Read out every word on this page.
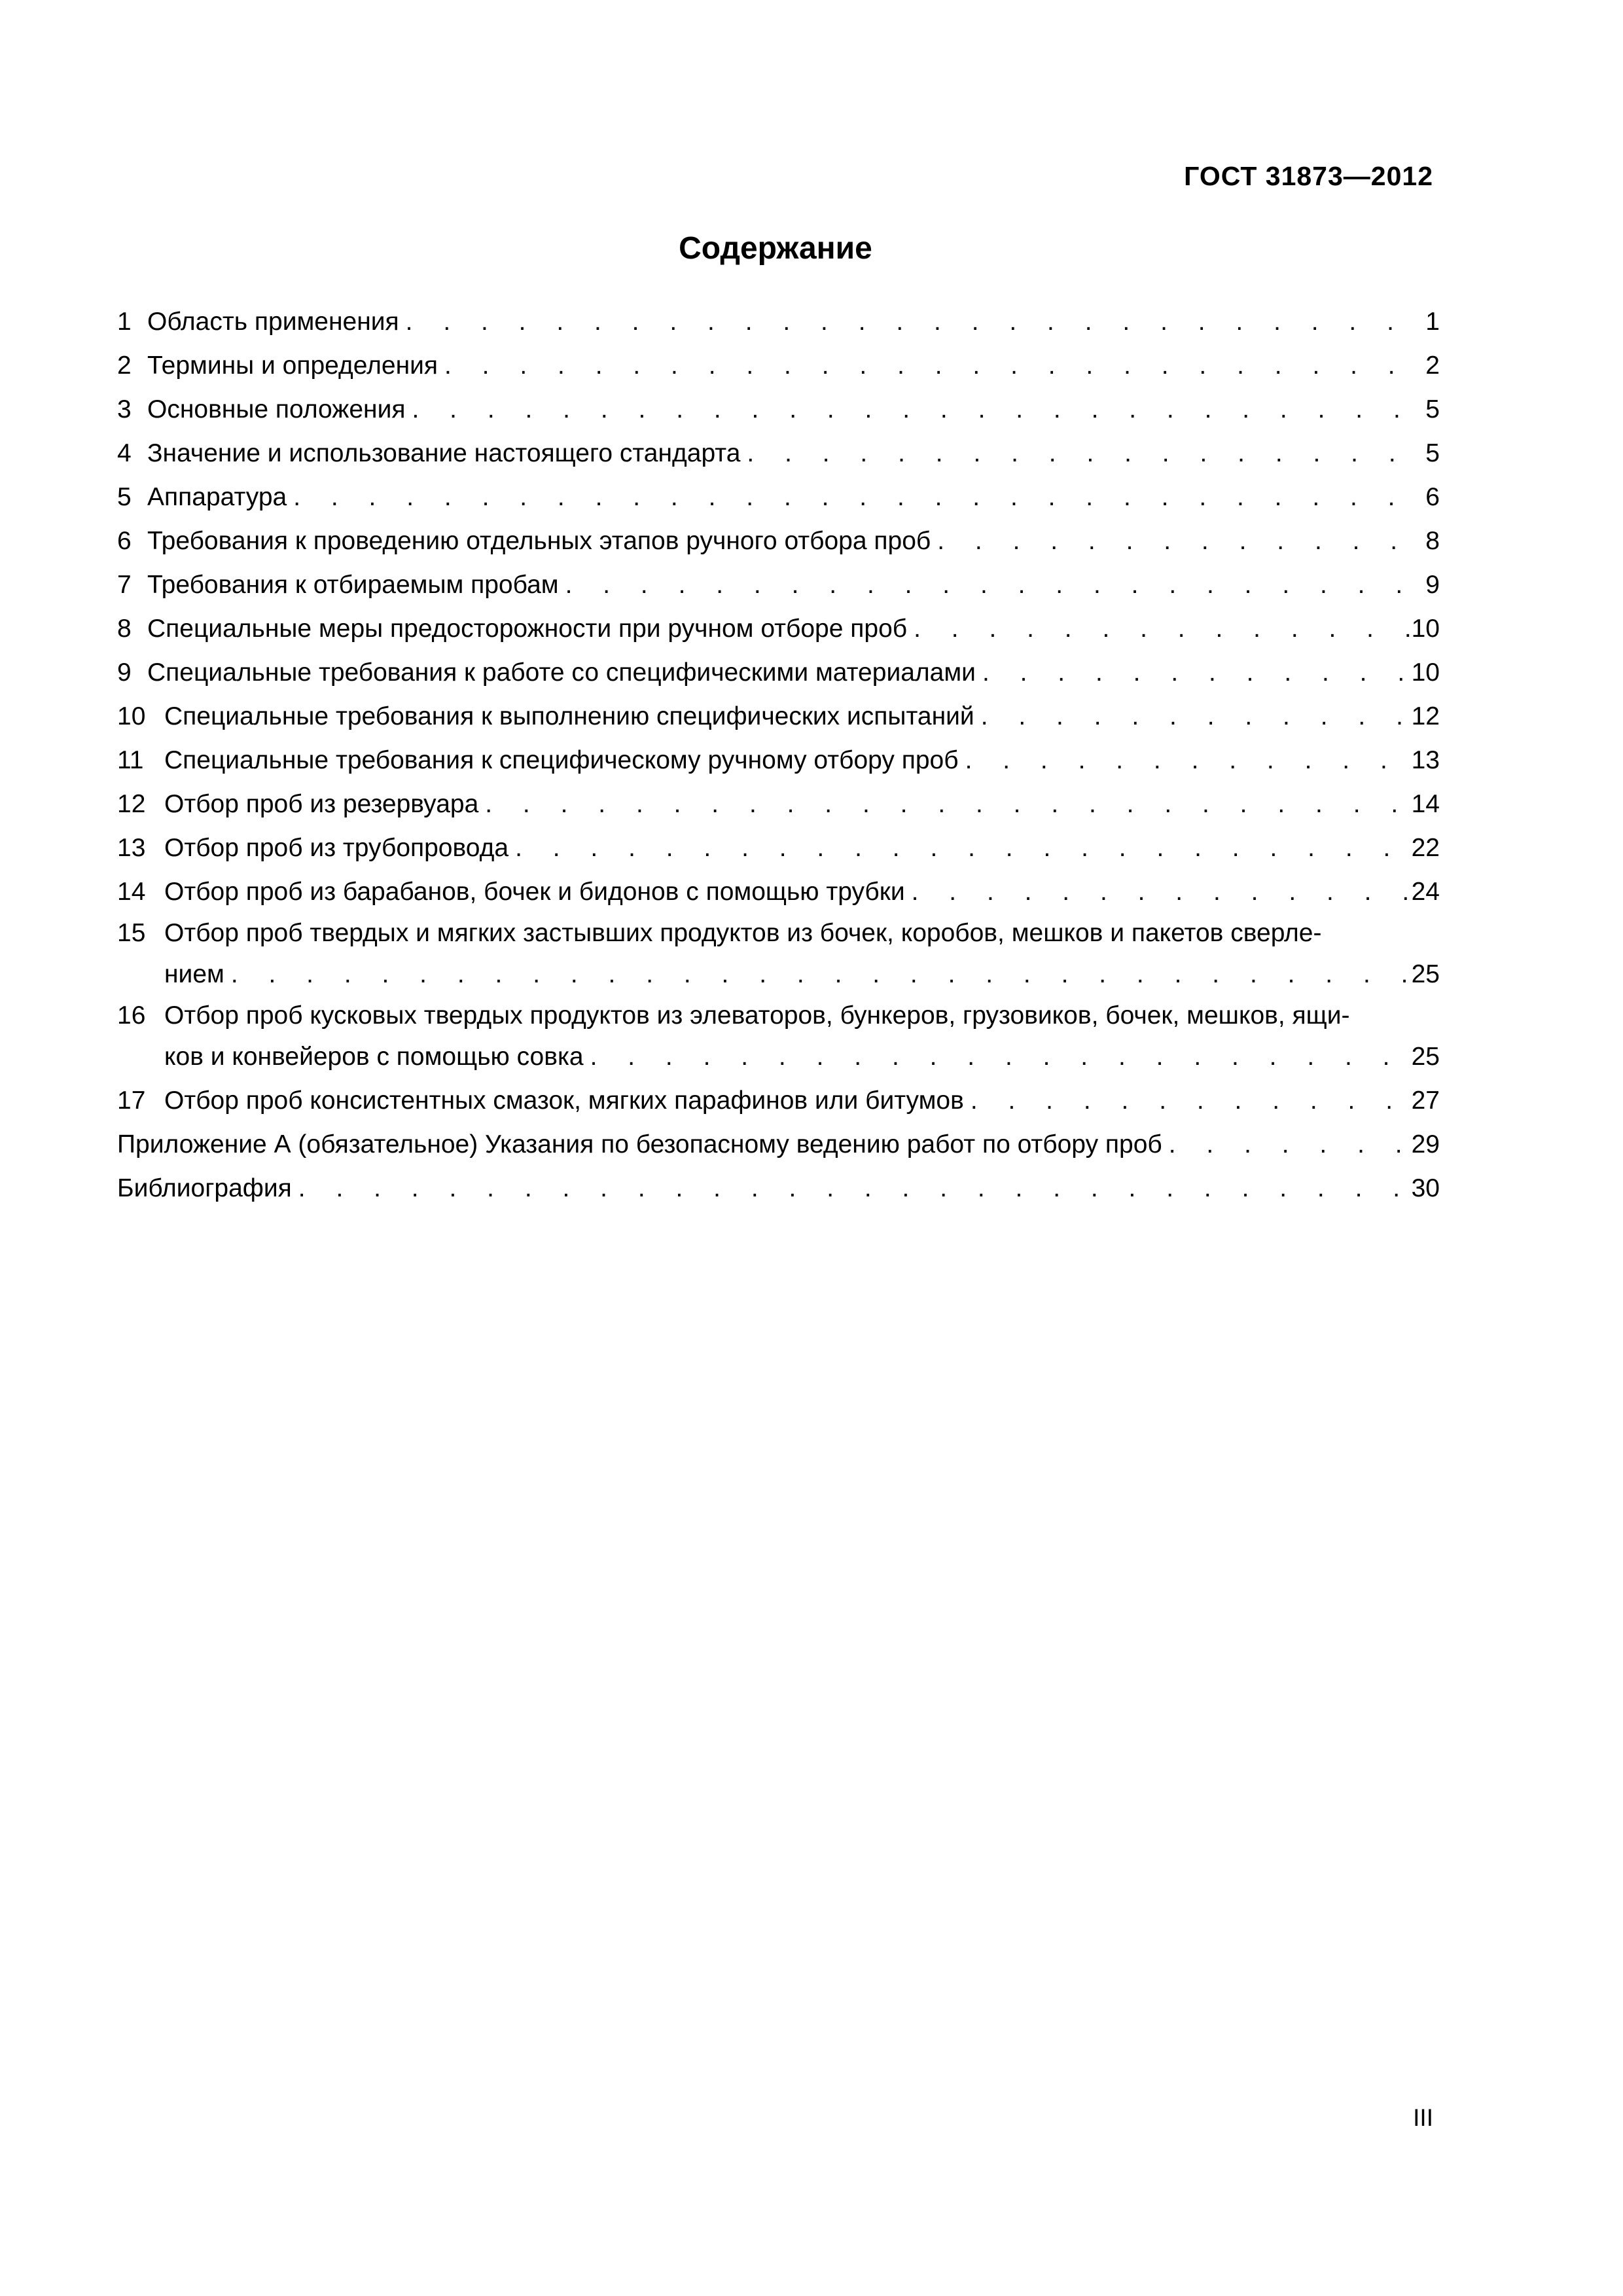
ГОСТ 31873—2012
Содержание
1 Область применения . . .	1
2 Термины и определения . . .	2
3 Основные положения . . .	5
4 Значение и использование настоящего стандарта . . .	5
5 Аппаратура . . .	6
6 Требования к проведению отдельных этапов ручного отбора проб . . .	8
7 Требования к отбираемым пробам . . .	9
8 Специальные меры предосторожности при ручном отборе проб . . .	10
9 Специальные требования к работе со специфическими материалами . . .	10
10 Специальные требования к выполнению специфических испытаний . . .	12
11 Специальные требования к специфическому ручному отбору проб . . .	13
12 Отбор проб из резервуара . . .	14
13 Отбор проб из трубопровода . . .	22
14 Отбор проб из барабанов, бочек и бидонов с помощью трубки . . .	24
15 Отбор проб твердых и мягких застывших продуктов из бочек, коробов, мешков и пакетов сверле-
нием . . .	25
16 Отбор проб кусковых твердых продуктов из элеваторов, бункеров, грузовиков, бочек, мешков, ящи-
ков и конвейеров с помощью совка . . .	25
17 Отбор проб консистентных смазок, мягких парафинов или битумов . . .	27
Приложение А (обязательное) Указания по безопасному ведению работ по отбору проб . . .	29
Библиография . . .	30
III
